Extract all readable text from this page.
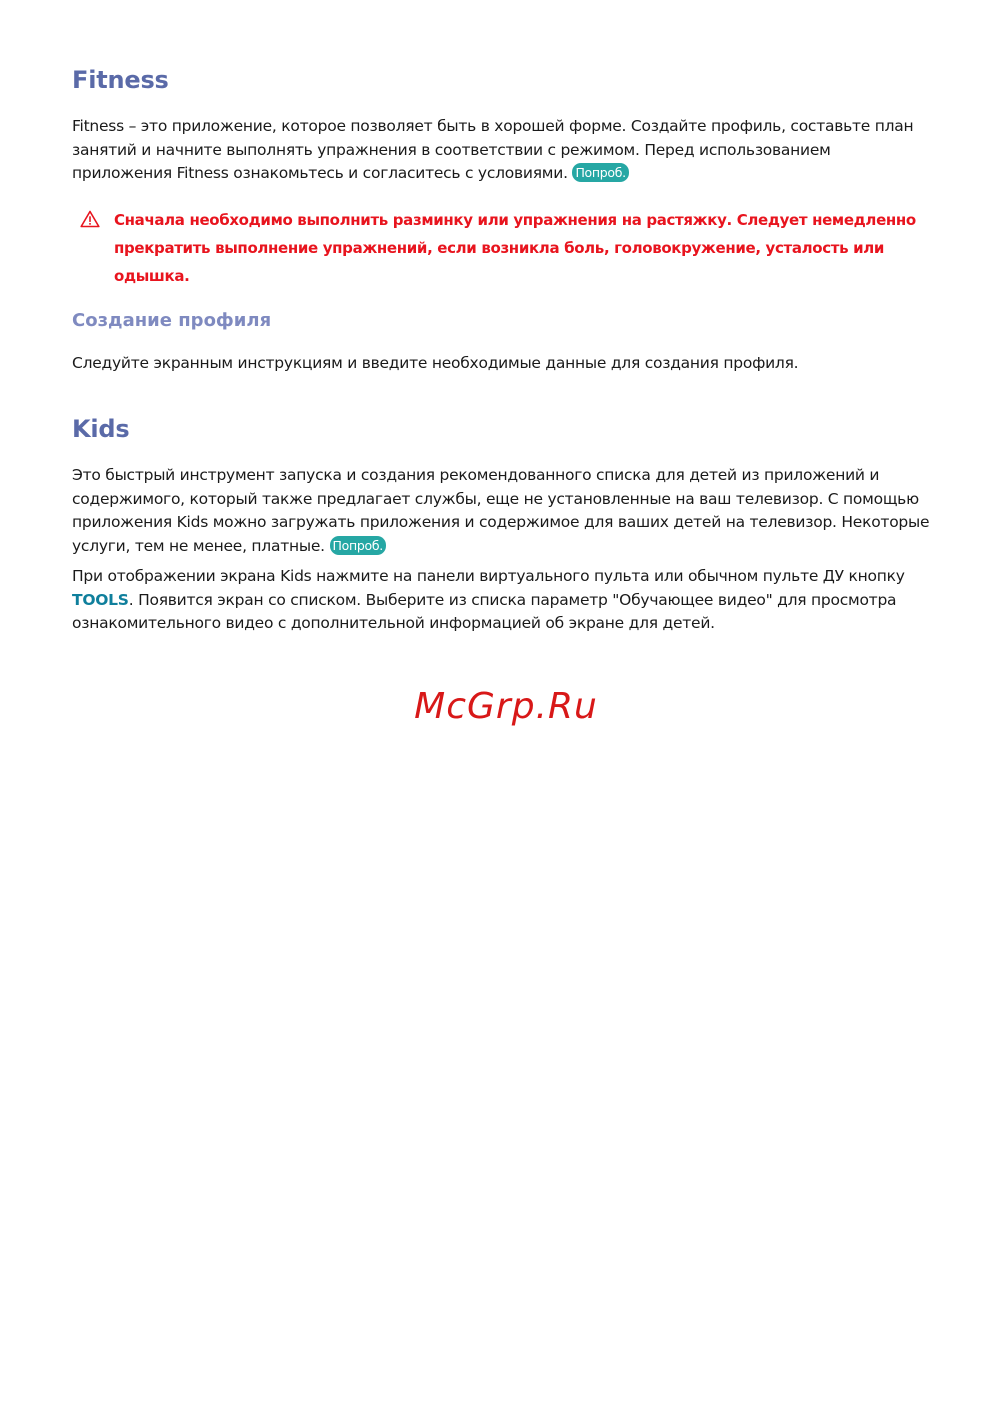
Fitness

Fitness – это приложение, которое позволяет быть в хорошей форме. Создайте профиль, составьте план занятий и начните выполнять упражнения в соответствии с режимом. Перед использованием приложения Fitness ознакомьтесь и согласитесь с условиями. Попроб.

Сначала необходимо выполнить разминку или упражнения на растяжку. Следует немедленно прекратить выполнение упражнений, если возникла боль, головокружение, усталость или одышка.

Создание профиля

Следуйте экранным инструкциям и введите необходимые данные для создания профиля.

Kids

Это быстрый инструмент запуска и создания рекомендованного списка для детей из приложений и содержимого, который также предлагает службы, еще не установленные на ваш телевизор. С помощью приложения Kids можно загружать приложения и содержимое для ваших детей на телевизор. Некоторые услуги, тем не менее, платные. Попроб.

При отображении экрана Kids нажмите на панели виртуального пульта или обычном пульте ДУ кнопку TOOLS. Появится экран со списком. Выберите из списка параметр "Обучающее видео" для просмотра ознакомительного видео с дополнительной информацией об экране для детей.

McGrp.Ru
